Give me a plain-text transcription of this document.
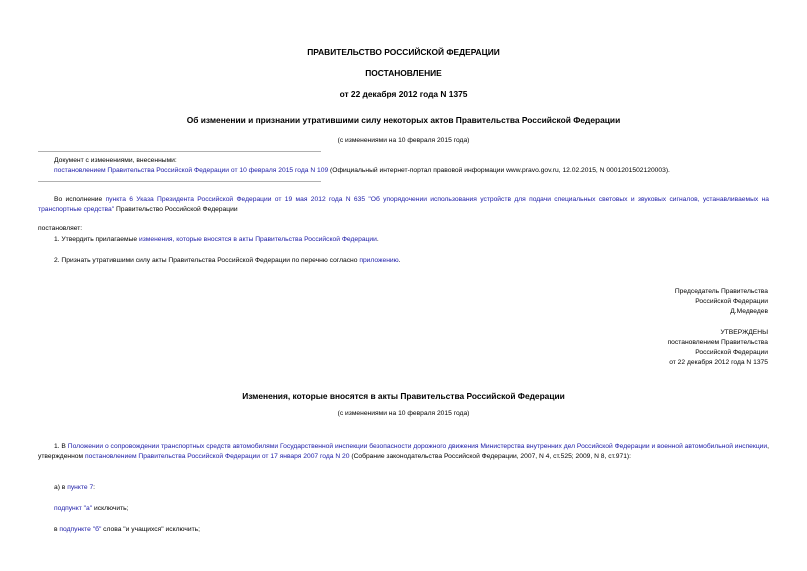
ПРАВИТЕЛЬСТВО РОССИЙСКОЙ ФЕДЕРАЦИИ
ПОСТАНОВЛЕНИЕ
от 22 декабря 2012 года N 1375
Об изменении и признании утратившими силу некоторых актов Правительства Российской Федерации
(с изменениями на 10 февраля 2015 года)
Документ с изменениями, внесенными:
постановлением Правительства Российской Федерации от 10 февраля 2015 года N 109 (Официальный интернет-портал правовой информации www.pravo.gov.ru, 12.02.2015, N 0001201502120003).
Во исполнение пункта 6 Указа Президента Российской Федерации от 19 мая 2012 года N 635 "Об упорядочении использования устройств для подачи специальных световых и звуковых сигналов, устанавливаемых на транспортные средства" Правительство Российской Федерации
постановляет:
1. Утвердить прилагаемые изменения, которые вносятся в акты Правительства Российской Федерации.
2. Признать утратившими силу акты Правительства Российской Федерации по перечню согласно приложению.
Председатель Правительства
Российской Федерации
Д.Медведев
УТВЕРЖДЕНЫ
постановлением Правительства
Российской Федерации
от 22 декабря 2012 года N 1375
Изменения, которые вносятся в акты Правительства Российской Федерации
(с изменениями на 10 февраля 2015 года)
1. В Положении о сопровождении транспортных средств автомобилями Государственной инспекции безопасности дорожного движения Министерства внутренних дел Российской Федерации и военной автомобильной инспекции, утвержденном постановлением Правительства Российской Федерации от 17 января 2007 года N 20 (Собрание законодательства Российской Федерации, 2007, N 4, ст.525; 2009, N 8, ст.971):
а) в пункте 7:
подпункт "а" исключить;
в подпункте "б" слова "и учащихся" исключить;
